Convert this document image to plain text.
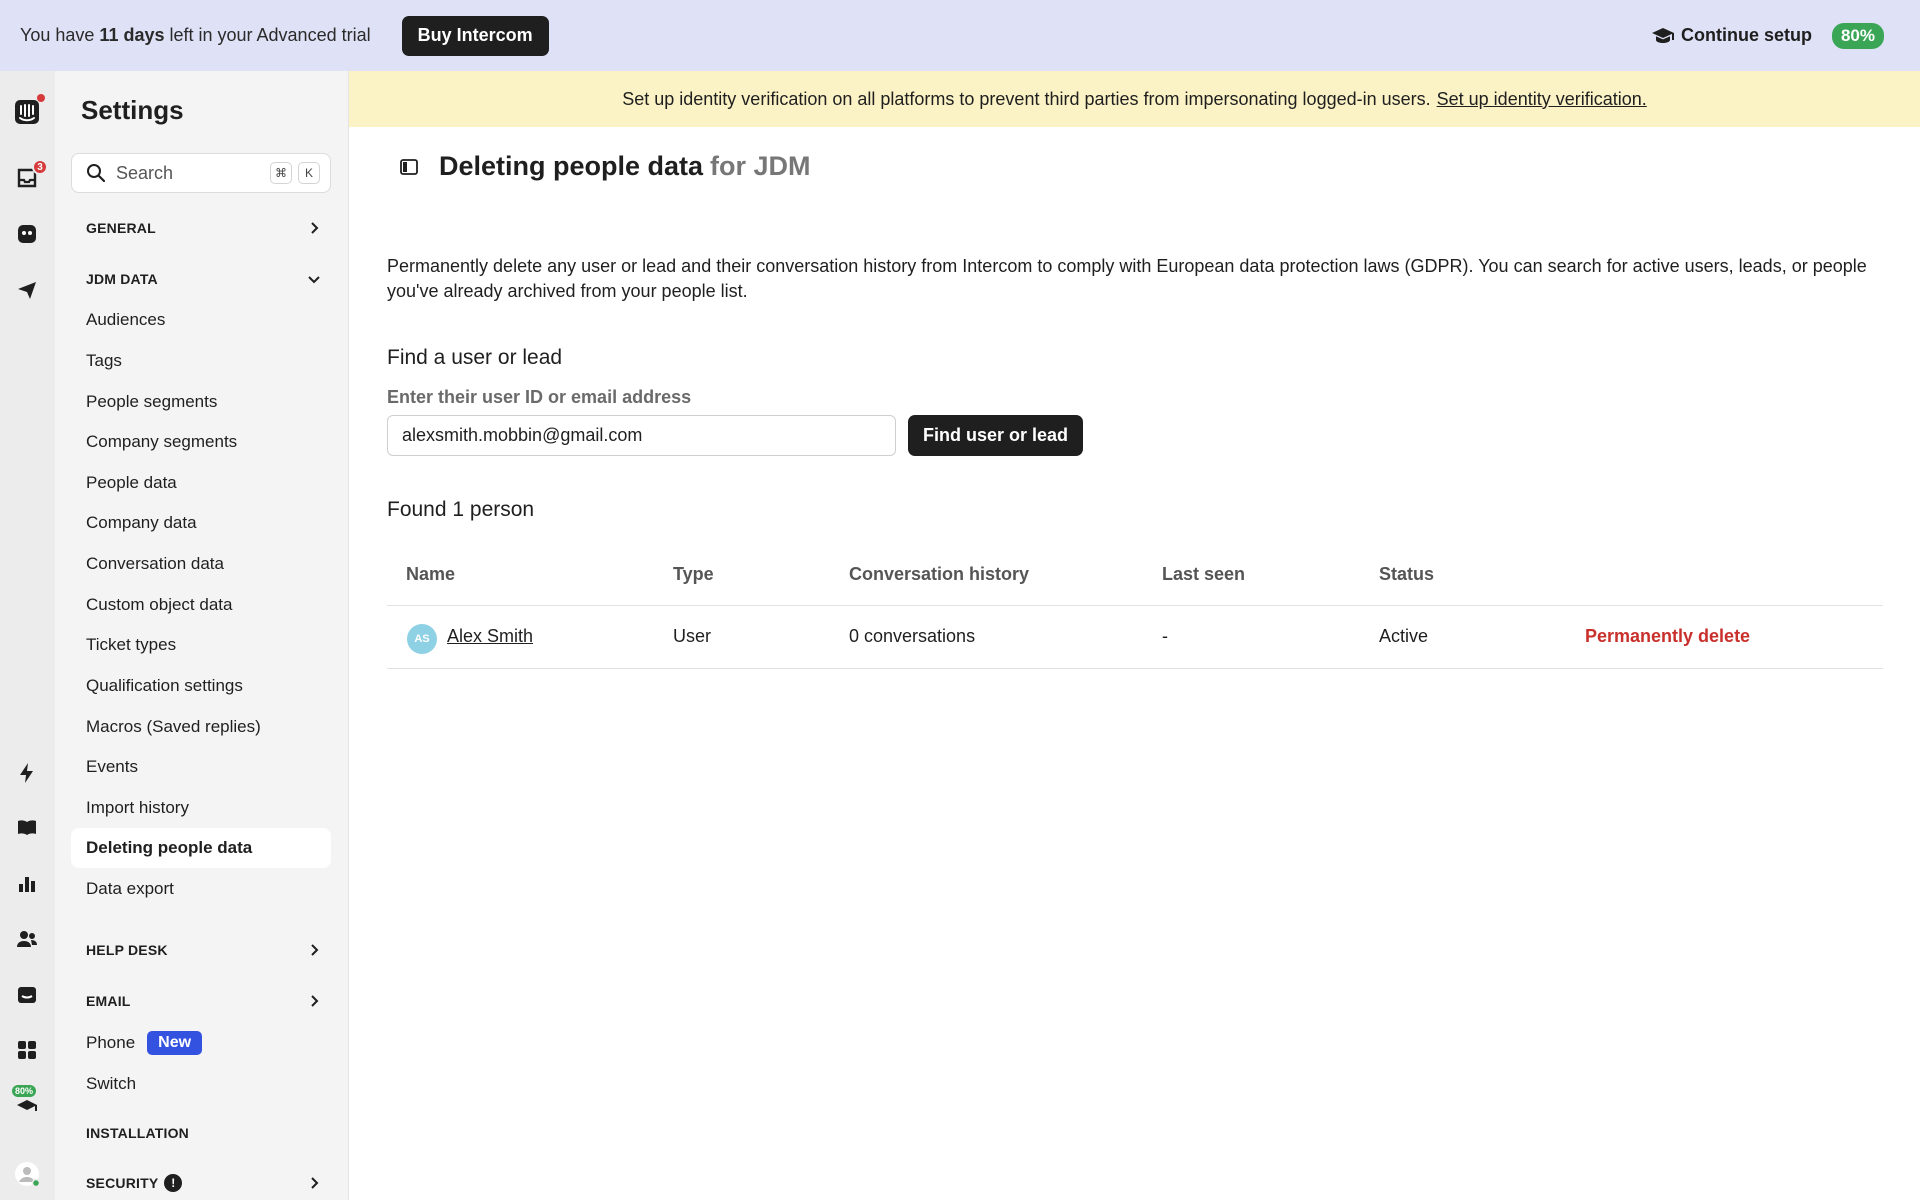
You have 11 days left in your Advanced trial	Buy Intercom	Continue setup	80%
3
80%
Settings
Search	⌘	K
GENERAL
JDM DATA
Audiences
Tags
People segments
Company segments
People data
Company data
Conversation data
Custom object data
Ticket types
Qualification settings
Macros (Saved replies)
Events
Import history
Deleting people data
Data export
HELP DESK
EMAIL
Phone	New
Switch
INSTALLATION
SECURITY	!
Set up identity verification on all platforms to prevent third parties from impersonating logged-in users. Set up identity verification.
Deleting people data for JDM

Permanently delete any user or lead and their conversation history from Intercom to comply with European data protection laws (GDPR). You can search for active users, leads, or people you've already archived from your people list.

Find a user or lead
Enter their user ID or email address
alexsmith.mobbin@gmail.com
Find user or lead
Found 1 person
Name	Type	Conversation history	Last seen	Status
AS Alex Smith	User	0 conversations	-	Active	Permanently delete
